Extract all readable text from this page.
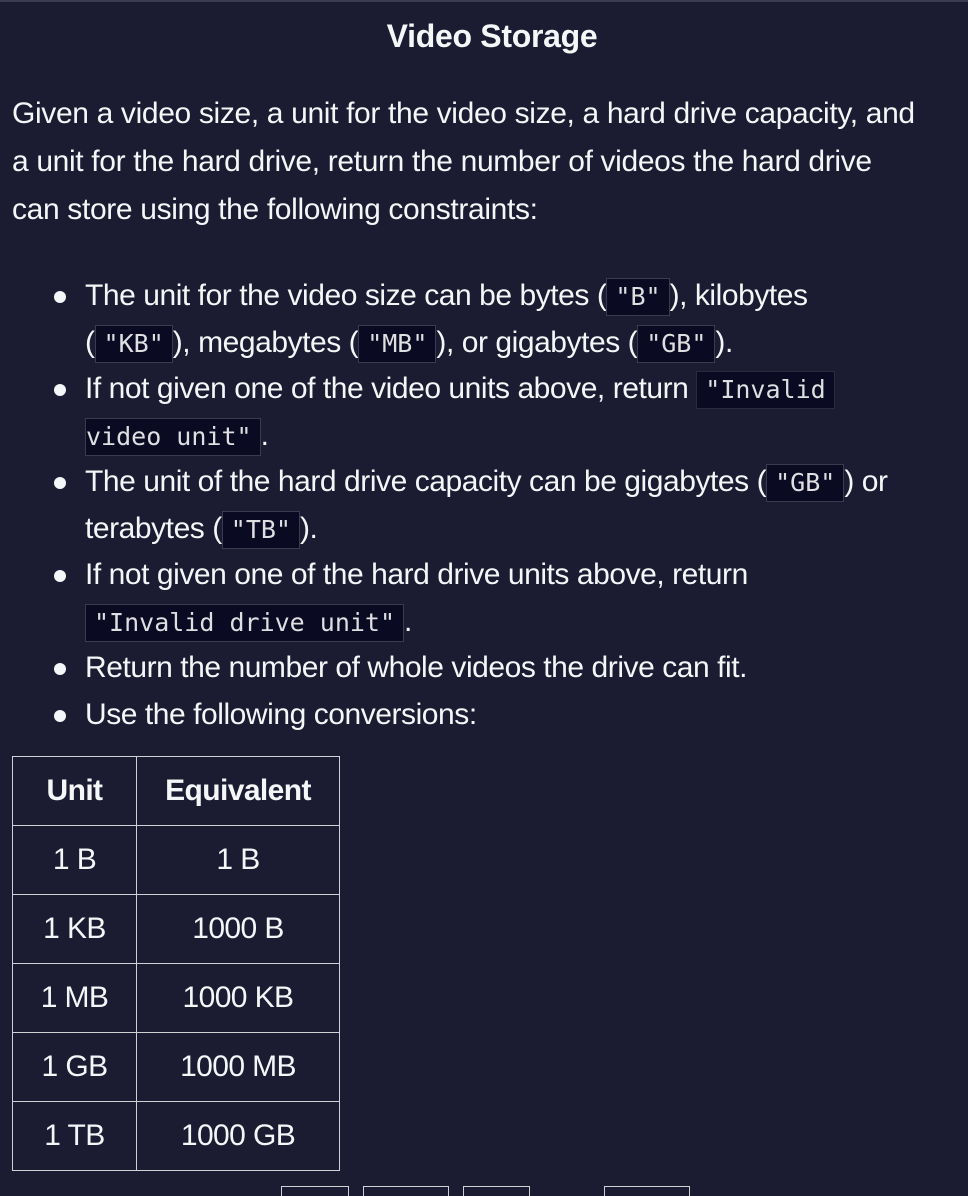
Video Storage
Given a video size, a unit for the video size, a hard drive capacity, and
a unit for the hard drive, return the number of videos the hard drive
can store using the following constraints:
The unit for the video size can be bytes ( "B" ), kilobytes
( "KB" ), megabytes ( "MB" ), or gigabytes ( "GB" ).
If not given one of the video units above, return "Invalid
video unit" .
The unit of the hard drive capacity can be gigabytes ( "GB" ) or
terabytes ( "TB" ).
If not given one of the hard drive units above, return
"Invalid drive unit" .
Return the number of whole videos the drive can fit.
Use the following conversions:
Unit	Equivalent
1 B	1 B
1 KB	1000 B
1 MB	1000 KB
1 GB	1000 MB
1 TB	1000 GB
